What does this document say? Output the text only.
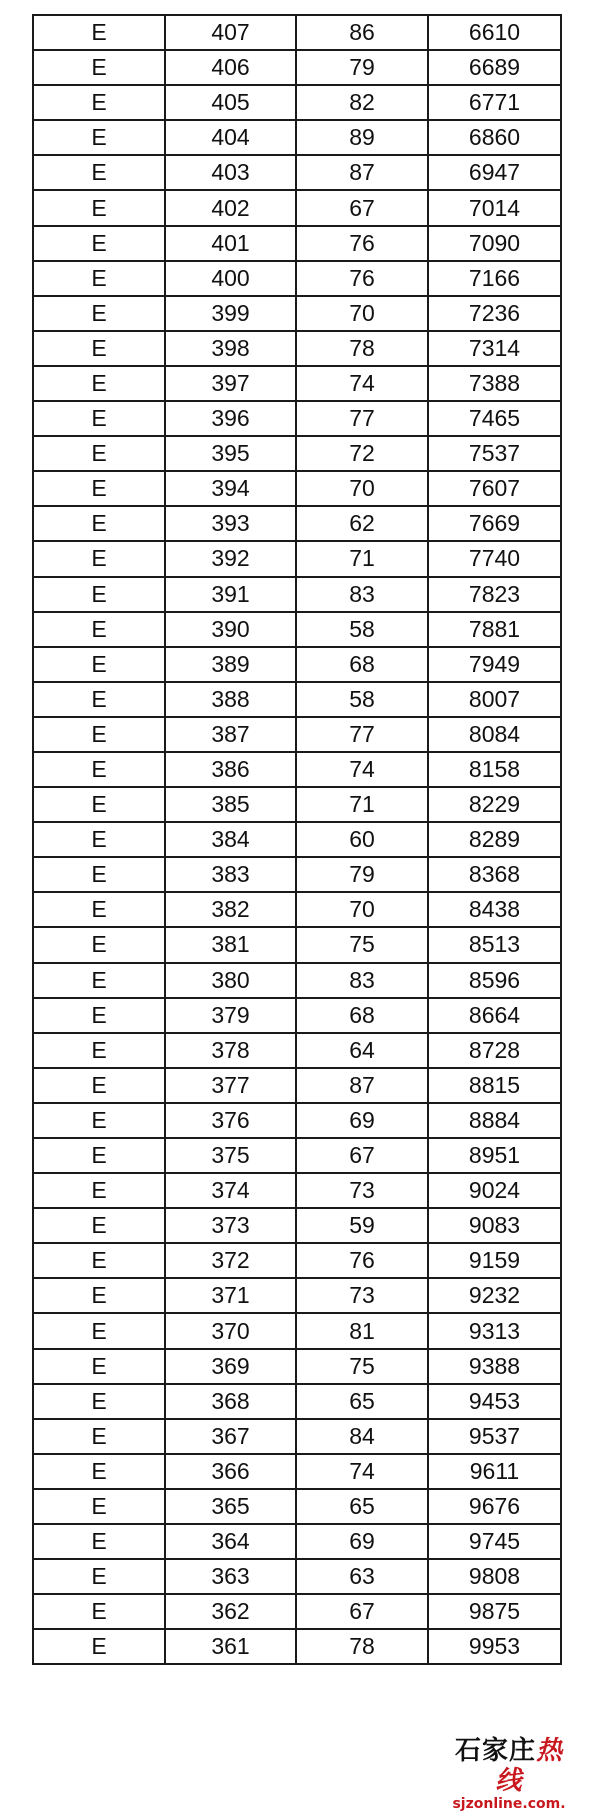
E	407	86	6610
E	406	79	6689
E	405	82	6771
E	404	89	6860
E	403	87	6947
E	402	67	7014
E	401	76	7090
E	400	76	7166
E	399	70	7236
E	398	78	7314
E	397	74	7388
E	396	77	7465
E	395	72	7537
E	394	70	7607
E	393	62	7669
E	392	71	7740
E	391	83	7823
E	390	58	7881
E	389	68	7949
E	388	58	8007
E	387	77	8084
E	386	74	8158
E	385	71	8229
E	384	60	8289
E	383	79	8368
E	382	70	8438
E	381	75	8513
E	380	83	8596
E	379	68	8664
E	378	64	8728
E	377	87	8815
E	376	69	8884
E	375	67	8951
E	374	73	9024
E	373	59	9083
E	372	76	9159
E	371	73	9232
E	370	81	9313
E	369	75	9388
E	368	65	9453
E	367	84	9537
E	366	74	9611
E	365	65	9676
E	364	69	9745
E	363	63	9808
E	362	67	9875
E	361	78	9953
石家庄热线
sjzonline.com.
